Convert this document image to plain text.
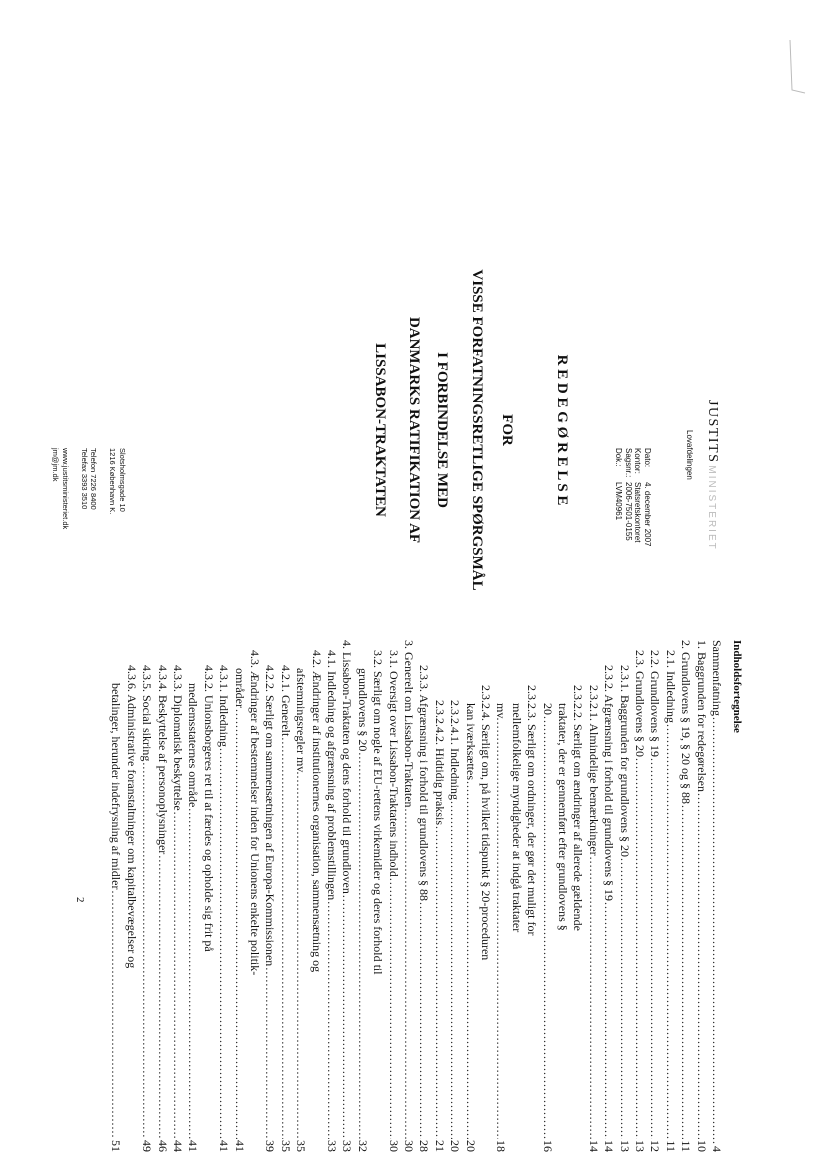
R E D E G Ø R E L S E
FOR
VISSE FORFATNINGSRETLIGE SPØRGSMÅL
I FORBINDELSE MED
DANMARKS RATIFIKATION AF
LISSABON-TRAKTATEN	JUSTITSMINISTERIET
Lovafdelingen
Dato:
Kontor:
Sagsnr.:
Dok.:
4. december 2007
Statsretskontoret
2006-7501-0155
LVM40961
Slotsholmsgade 10
1216 København K.

Telefon 7226 8400
Telefax 3393 3510

www.justitsministeriet.dk
jm@jm.dk
Indholdsfortegnelse
Sammenfatning
.....
4
1. Baggrunden for redegørelsen
.....
10
2. Grundlovens § 19, § 20 og § 88
.....
11
2.1. Indledning
.....
11
2.2. Grundlovens § 19
.....
12
2.3. Grundlovens § 20
.....
13
2.3.1. Baggrunden for grundlovens § 20
.....
13
2.3.2. Afgrænsning i forhold til grundlovens § 19
.....
14
2.3.2.1. Almindelige bemærkninger
.....
14
2.3.2.2. Særligt om ændringer af allerede gældende
traktater, der er gennemført efter grundlovens §
20
.....
16
2.3.2.3. Særligt om ordninger, der gør det muligt for
mellemfolkelige myndigheder at indgå traktater
mv.
.....
18
2.3.2.4. Særligt om, på hvilket tidspunkt § 20-proceduren
kan iværksættes
.....
20
2.3.2.4.1. Indledning
.....
20
2.3.2.4.2. Hidtidig praksis
.....
21
2.3.3. Afgrænsning i forhold til grundlovens § 88
.....
28
3. Generelt om Lissabon-Traktaten
.....
30
3.1. Oversigt over Lissabon-Traktatens indhold
.....
30
3.2. Særligt om nogle af EU-rettens virkemidler og deres forhold til
grundlovens § 20
.....
32
4. Lissabon-Traktaten og dens forhold til grundloven
.....
33
4.1. Indledning og afgrænsning af problemstillingen
.....
33
4.2. Ændringer af institutionernes organisation, sammensætning og
afstemningsregler mv.
.....
35
4.2.1. Generelt
.....
35
4.2.2. Særligt om sammensætningen af Europa-Kommissionen
.....
39
4.3. Ændringer af bestemmelser inden for Unionens enkelte politik-
områder
.....
41
4.3.1. Indledning
.....
41
4.3.2. Unionsborgeres ret til at færdes og opholde sig frit på
medlemsstaternes område
.....
41
4.3.3. Diplomatisk beskyttelse
.....
44
4.3.4. Beskyttelse af personoplysninger
.....
46
4.3.5. Social sikring
.....
49
4.3.6. Administrative foranstaltninger om kapitalbevægelser og
betalinger, herunder indefrysning af midler
.....
51
2
